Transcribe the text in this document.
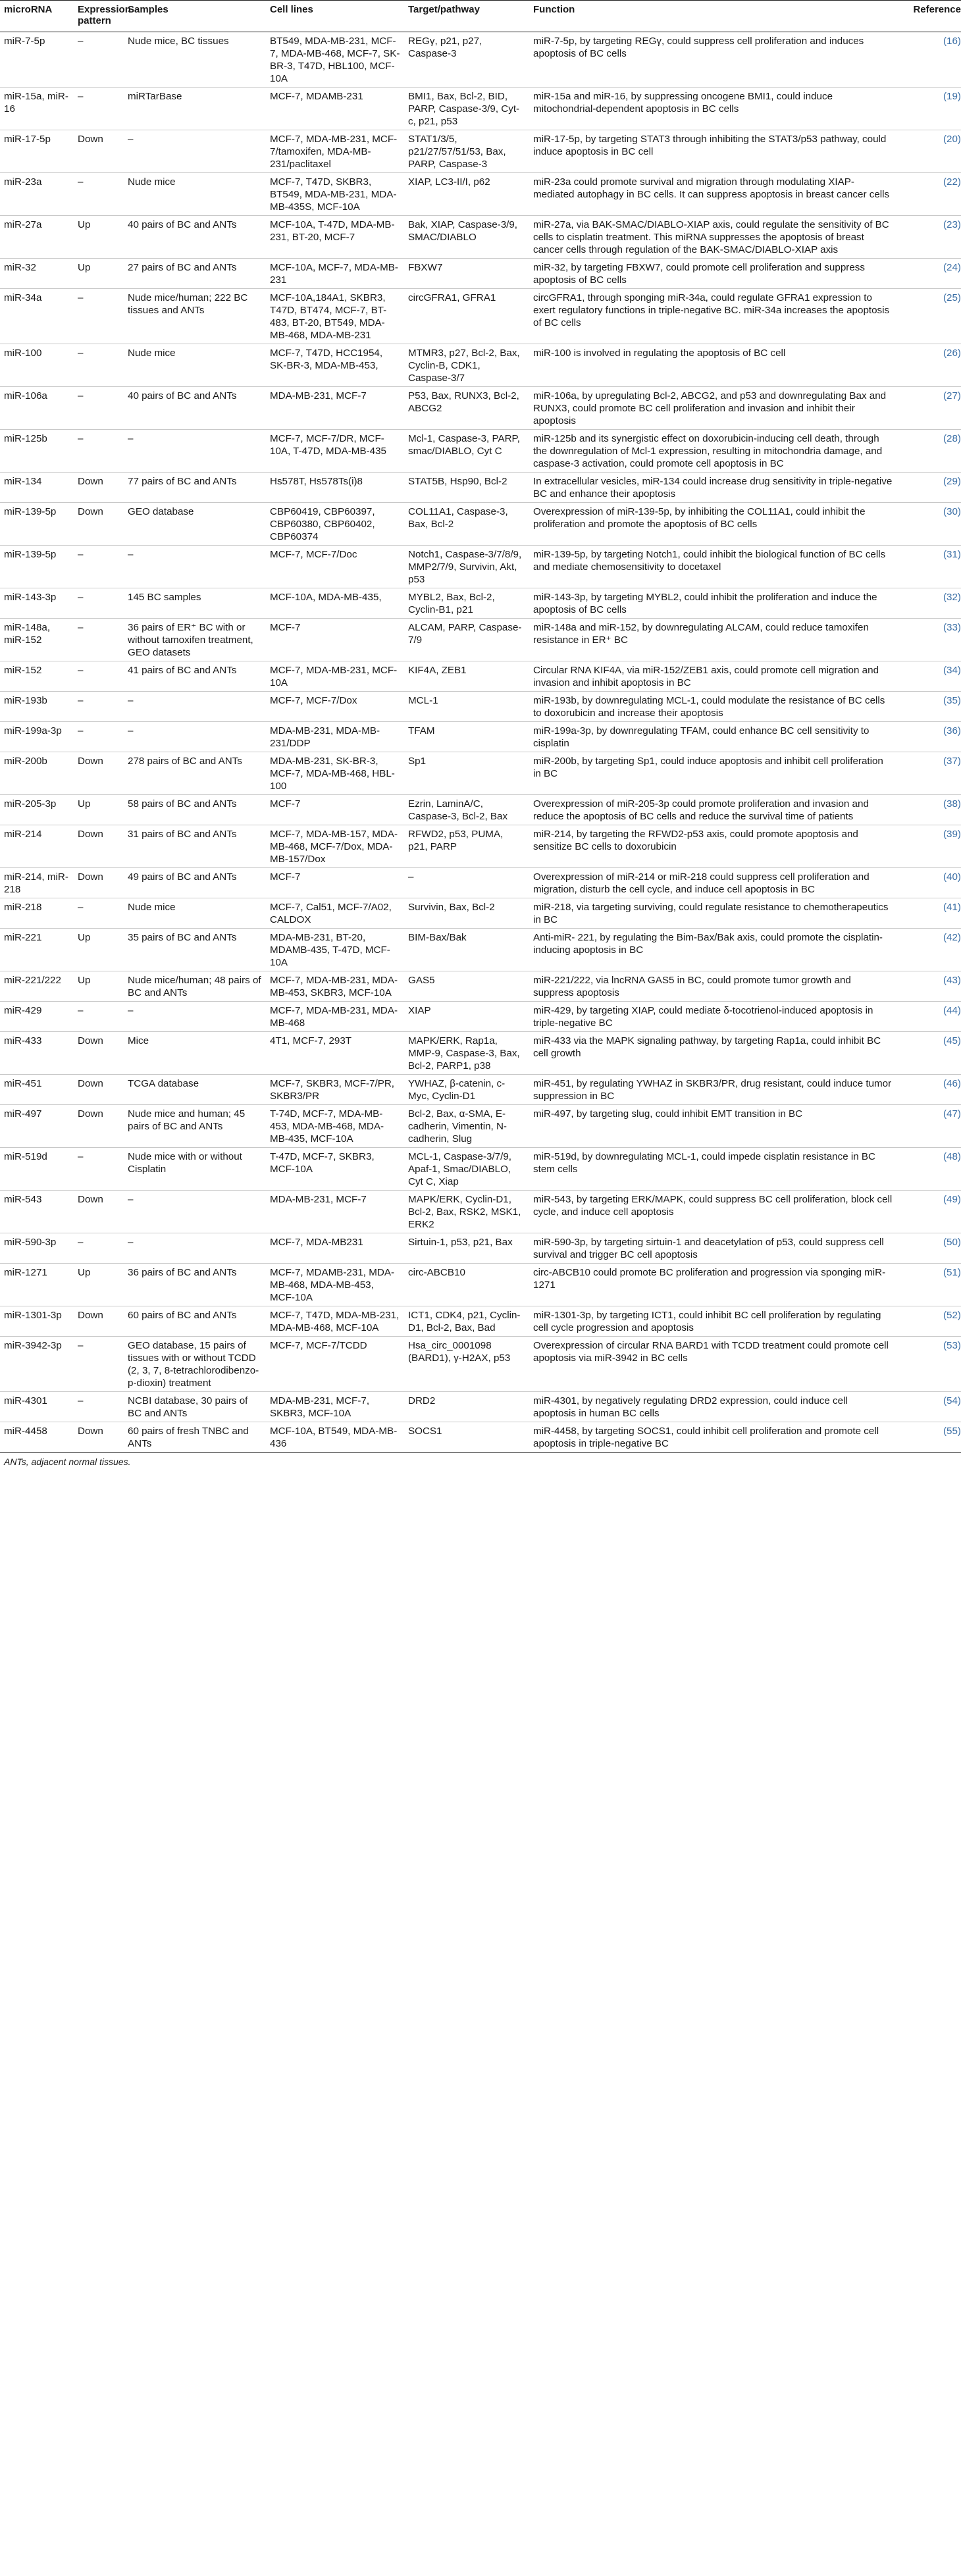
microRNA	Expression pattern	Samples	Cell lines	Target/pathway	Function	Reference
miR-7-5p	–	Nude mice, BC tissues	BT549, MDA-MB-231, MCF-7, MDA-MB-468, MCF-7, SK-BR-3, T47D, HBL100, MCF-10A	REGγ, p21, p27, Caspase-3	miR-7-5p, by targeting REGγ, could suppress cell proliferation and induces apoptosis of BC cells	(16)
miR-15a, miR-16	–	miRTarBase	MCF-7, MDAMB-231	BMI1, Bax, Bcl-2, BID, PARP, Caspase-3/9, Cyt-c, p21, p53	miR-15a and miR-16, by suppressing oncogene BMI1, could induce mitochondrial-dependent apoptosis in BC cells	(19)
miR-17-5p	Down	–	MCF-7, MDA-MB-231, MCF-7/tamoxifen, MDA-MB-231/paclitaxel	STAT1/3/5, p21/27/57/51/53, Bax, PARP, Caspase-3	miR-17-5p, by targeting STAT3 through inhibiting the STAT3/p53 pathway, could induce apoptosis in BC cell	(20)
miR-23a	–	Nude mice	MCF-7, T47D, SKBR3, BT549, MDA-MB-231, MDA-MB-435S, MCF-10A	XIAP, LC3-II/I, p62	miR-23a could promote survival and migration through modulating XIAP-mediated autophagy in BC cells. It can suppress apoptosis in breast cancer cells	(22)
miR-27a	Up	40 pairs of BC and ANTs	MCF-10A, T-47D, MDA-MB-231, BT-20, MCF-7	Bak, XIAP, Caspase-3/9, SMAC/DIABLO	miR-27a, via BAK-SMAC/DIABLO-XIAP axis, could regulate the sensitivity of BC cells to cisplatin treatment. This miRNA suppresses the apoptosis of breast cancer cells through regulation of the BAK-SMAC/DIABLO-XIAP axis	(23)
miR-32	Up	27 pairs of BC and ANTs	MCF-10A, MCF-7, MDA-MB-231	FBXW7	miR-32, by targeting FBXW7, could promote cell proliferation and suppress apoptosis of BC cells	(24)
miR-34a	–	Nude mice/human; 222 BC tissues and ANTs	MCF-10A,184A1, SKBR3, T47D, BT474, MCF-7, BT-483, BT-20, BT549, MDA-MB-468, MDA-MB-231	circGFRA1, GFRA1	circGFRA1, through sponging miR-34a, could regulate GFRA1 expression to exert regulatory functions in triple-negative BC. miR-34a increases the apoptosis of BC cells	(25)
miR-100	–	Nude mice	MCF-7, T47D, HCC1954, SK-BR-3, MDA-MB-453,	MTMR3, p27, Bcl-2, Bax, Cyclin-B, CDK1, Caspase-3/7	miR-100 is involved in regulating the apoptosis of BC cell	(26)
miR-106a	–	40 pairs of BC and ANTs	MDA-MB-231, MCF-7	P53, Bax, RUNX3, Bcl-2, ABCG2	miR-106a, by upregulating Bcl-2, ABCG2, and p53 and downregulating Bax and RUNX3, could promote BC cell proliferation and invasion and inhibit their apoptosis	(27)
miR-125b	–	–	MCF-7, MCF-7/DR, MCF-10A, T-47D, MDA-MB-435	Mcl-1, Caspase-3, PARP, smac/DIABLO, Cyt C	miR-125b and its synergistic effect on doxorubicin-inducing cell death, through the downregulation of Mcl-1 expression, resulting in mitochondria damage, and caspase-3 activation, could promote cell apoptosis in BC	(28)
miR-134	Down	77 pairs of BC and ANTs	Hs578T, Hs578Ts(i)8	STAT5B, Hsp90, Bcl-2	In extracellular vesicles, miR-134 could increase drug sensitivity in triple-negative BC and enhance their apoptosis	(29)
miR-139-5p	Down	GEO database	CBP60419, CBP60397, CBP60380, CBP60402, CBP60374	COL11A1, Caspase-3, Bax, Bcl-2	Overexpression of miR-139-5p, by inhibiting the COL11A1, could inhibit the proliferation and promote the apoptosis of BC cells	(30)
miR-139-5p	–	–	MCF-7, MCF-7/Doc	Notch1, Caspase-3/7/8/9, MMP2/7/9, Survivin, Akt, p53	miR-139-5p, by targeting Notch1, could inhibit the biological function of BC cells and mediate chemosensitivity to docetaxel	(31)
miR-143-3p	–	145 BC samples	MCF-10A, MDA-MB-435,	MYBL2, Bax, Bcl-2, Cyclin-B1, p21	miR-143-3p, by targeting MYBL2, could inhibit the proliferation and induce the apoptosis of BC cells	(32)
miR-148a, miR-152	–	36 pairs of ER⁺ BC with or without tamoxifen treatment, GEO datasets	MCF-7	ALCAM, PARP, Caspase-7/9	miR-148a and miR-152, by downregulating ALCAM, could reduce tamoxifen resistance in ER⁺ BC	(33)
miR-152	–	41 pairs of BC and ANTs	MCF-7, MDA-MB-231, MCF-10A	KIF4A, ZEB1	Circular RNA KIF4A, via miR-152/ZEB1 axis, could promote cell migration and invasion and inhibit apoptosis in BC	(34)
miR-193b	–	–	MCF-7, MCF-7/Dox	MCL-1	miR-193b, by downregulating MCL-1, could modulate the resistance of BC cells to doxorubicin and increase their apoptosis	(35)
miR-199a-3p	–	–	MDA-MB-231, MDA-MB-231/DDP	TFAM	miR-199a-3p, by downregulating TFAM, could enhance BC cell sensitivity to cisplatin	(36)
miR-200b	Down	278 pairs of BC and ANTs	MDA-MB-231, SK-BR-3, MCF-7, MDA-MB-468, HBL-100	Sp1	miR-200b, by targeting Sp1, could induce apoptosis and inhibit cell proliferation in BC	(37)
miR-205-3p	Up	58 pairs of BC and ANTs	MCF-7	Ezrin, LaminA/C, Caspase-3, Bcl-2, Bax	Overexpression of miR-205-3p could promote proliferation and invasion and reduce the apoptosis of BC cells and reduce the survival time of patients	(38)
miR-214	Down	31 pairs of BC and ANTs	MCF-7, MDA-MB-157, MDA-MB-468, MCF-7/Dox, MDA-MB-157/Dox	RFWD2, p53, PUMA, p21, PARP	miR-214, by targeting the RFWD2-p53 axis, could promote apoptosis and sensitize BC cells to doxorubicin	(39)
miR-214, miR-218	Down	49 pairs of BC and ANTs	MCF-7	–	Overexpression of miR-214 or miR-218 could suppress cell proliferation and migration, disturb the cell cycle, and induce cell apoptosis in BC	(40)
miR-218	–	Nude mice	MCF-7, Cal51, MCF-7/A02, CALDOX	Survivin, Bax, Bcl-2	miR-218, via targeting surviving, could regulate resistance to chemotherapeutics in BC	(41)
miR-221	Up	35 pairs of BC and ANTs	MDA-MB-231, BT-20, MDAMB-435, T-47D, MCF-10A	BIM-Bax/Bak	Anti-miR- 221, by regulating the Bim-Bax/Bak axis, could promote the cisplatin-inducing apoptosis in BC	(42)
miR-221/222	Up	Nude mice/human; 48 pairs of BC and ANTs	MCF-7, MDA-MB-231, MDA-MB-453, SKBR3, MCF-10A	GAS5	miR-221/222, via lncRNA GAS5 in BC, could promote tumor growth and suppress apoptosis	(43)
miR-429	–	–	MCF-7, MDA-MB-231, MDA-MB-468	XIAP	miR-429, by targeting XIAP, could mediate δ-tocotrienol-induced apoptosis in triple-negative BC	(44)
miR-433	Down	Mice	4T1, MCF-7, 293T	MAPK/ERK, Rap1a, MMP-9, Caspase-3, Bax, Bcl-2, PARP1, p38	miR-433 via the MAPK signaling pathway, by targeting Rap1a, could inhibit BC cell growth	(45)
miR-451	Down	TCGA database	MCF-7, SKBR3, MCF-7/PR, SKBR3/PR	YWHAZ, β-catenin, c-Myc, Cyclin-D1	miR-451, by regulating YWHAZ in SKBR3/PR, drug resistant, could induce tumor suppression in BC	(46)
miR-497	Down	Nude mice and human; 45 pairs of BC and ANTs	T-74D, MCF-7, MDA-MB-453, MDA-MB-468, MDA-MB-435, MCF-10A	Bcl-2, Bax, α-SMA, E-cadherin, Vimentin, N-cadherin, Slug	miR-497, by targeting slug, could inhibit EMT transition in BC	(47)
miR-519d	–	Nude mice with or without Cisplatin	T-47D, MCF-7, SKBR3, MCF-10A	MCL-1, Caspase-3/7/9, Apaf-1, Smac/DIABLO, Cyt C, Xiap	miR-519d, by downregulating MCL-1, could impede cisplatin resistance in BC stem cells	(48)
miR-543	Down	–	MDA-MB-231, MCF-7	MAPK/ERK, Cyclin-D1, Bcl-2, Bax, RSK2, MSK1, ERK2	miR-543, by targeting ERK/MAPK, could suppress BC cell proliferation, block cell cycle, and induce cell apoptosis	(49)
miR-590-3p	–	–	MCF-7, MDA-MB231	Sirtuin-1, p53, p21, Bax	miR-590-3p, by targeting sirtuin-1 and deacetylation of p53, could suppress cell survival and trigger BC cell apoptosis	(50)
miR-1271	Up	36 pairs of BC and ANTs	MCF-7, MDAMB-231, MDA-MB-468, MDA-MB-453, MCF-10A	circ-ABCB10	circ-ABCB10 could promote BC proliferation and progression via sponging miR-1271	(51)
miR-1301-3p	Down	60 pairs of BC and ANTs	MCF-7, T47D, MDA-MB-231, MDA-MB-468, MCF-10A	ICT1, CDK4, p21, Cyclin-D1, Bcl-2, Bax, Bad	miR-1301-3p, by targeting ICT1, could inhibit BC cell proliferation by regulating cell cycle progression and apoptosis	(52)
miR-3942-3p	–	GEO database, 15 pairs of tissues with or without TCDD (2, 3, 7, 8-tetrachlorodibenzo-p-dioxin) treatment	MCF-7, MCF-7/TCDD	Hsa_circ_0001098 (BARD1), γ-H2AX, p53	Overexpression of circular RNA BARD1 with TCDD treatment could promote cell apoptosis via miR-3942 in BC cells	(53)
miR-4301	–	NCBI database, 30 pairs of BC and ANTs	MDA-MB-231, MCF-7, SKBR3, MCF-10A	DRD2	miR-4301, by negatively regulating DRD2 expression, could induce cell apoptosis in human BC cells	(54)
miR-4458	Down	60 pairs of fresh TNBC and ANTs	MCF-10A, BT549, MDA-MB-436	SOCS1	miR-4458, by targeting SOCS1, could inhibit cell proliferation and promote cell apoptosis in triple-negative BC	(55)
ANTs, adjacent normal tissues.
